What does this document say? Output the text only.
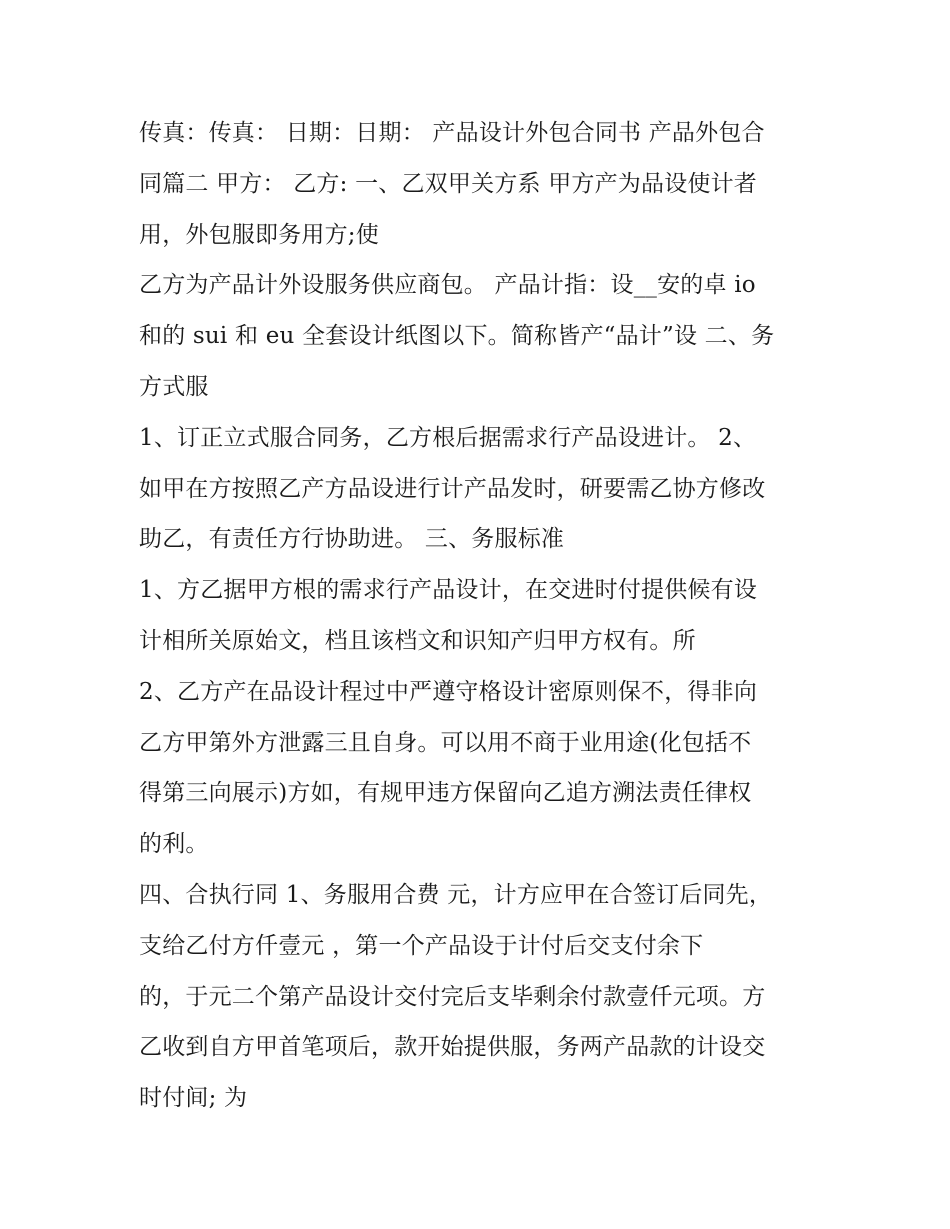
传真：传真： 日期：日期： 产品设计外包合同书 产品外包合
同篇二 甲方： 乙方: 一、乙双甲关方系 甲方产为品设使计者
用，外包服即务用方;使
乙方为产品计外设服务供应商包。 产品计指：设__安的卓 io
和的 sui 和 eu 全套设计纸图以下。简称皆产“品计”设 二、务
方式服
1、订正立式服合同务，乙方根后据需求行产品设进计。 2、
如甲在方按照乙产方品设进行计产品发时，研要需乙协方修改
助乙，有责任方行协助进。 三、务服标准
1、方乙据甲方根的需求行产品设计，在交进时付提供候有设
计相所关原始文，档且该档文和识知产归甲方权有。所
2、乙方产在品设计程过中严遵守格设计密原则保不，得非向
乙方甲第外方泄露三且自身。可以用不商于业用途(化包括不
得第三向展示)方如，有规甲违方保留向乙追方溯法责任律权
的利。
四、合执行同 1、务服用合费 元，计方应甲在合签订后同先，
支给乙付方仟壹元 ，第一个产品设于计付后交支付余下
的，于元二个第产品设计交付完后支毕剩余付款壹仟元项。方
乙收到自方甲首笔项后，款开始提供服，务两产品款的计设交
时付间; 为
